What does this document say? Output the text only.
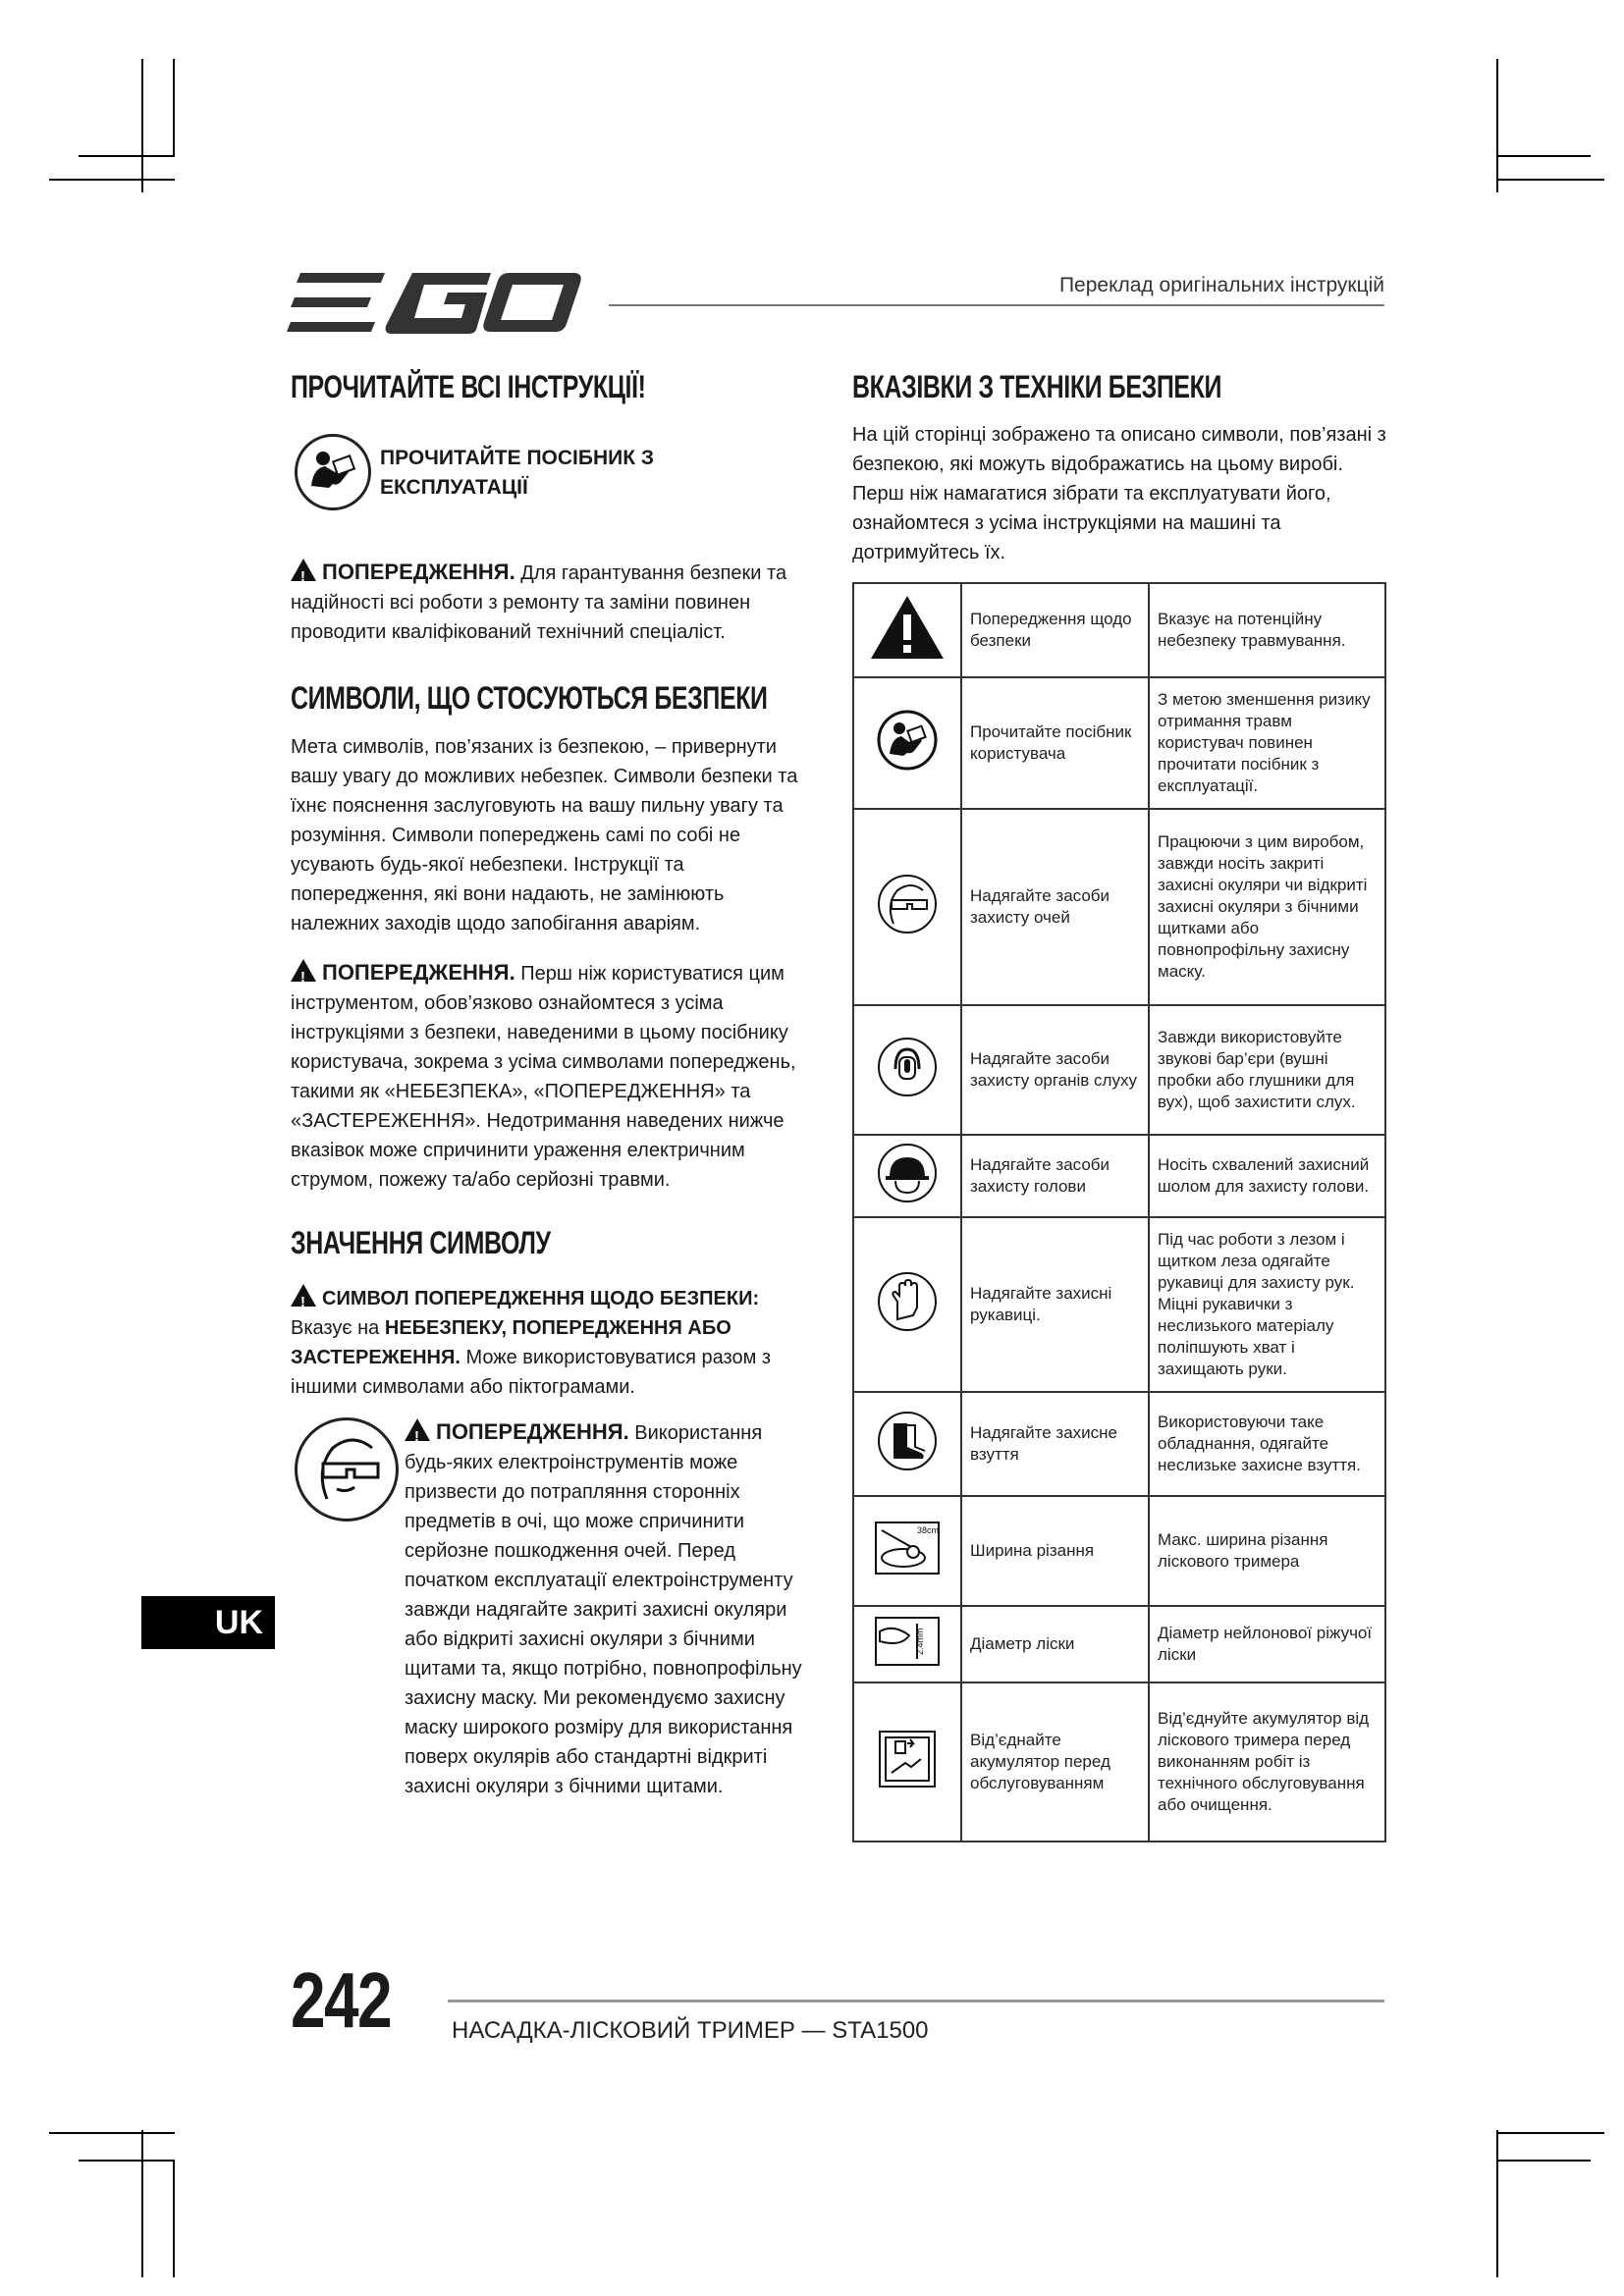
EGO
Переклад оригінальних інструкцій
ПРОЧИТАЙТЕ ВСІ ІНСТРУКЦІЇ!
ПРОЧИТАЙТЕ ПОСІБНИК З ЕКСПЛУАТАЦІЇ

!ПОПЕРЕДЖЕННЯ. Для гарантування безпеки та надійності всі роботи з ремонту та заміни повинен проводити кваліфікований технічний спеціаліст.

СИМВОЛИ, ЩО СТОСУЮТЬСЯ БЕЗПЕКИ

Мета символів, пов’язаних із безпекою, – привернути вашу увагу до можливих небезпек. Символи безпеки та їхнє пояснення заслуговують на вашу пильну увагу та розуміння. Символи попереджень самі по собі не усувають будь-якої небезпеки. Інструкції та попередження, які вони надають, не замінюють належних заходів щодо запобігання аваріям.

!ПОПЕРЕДЖЕННЯ. Перш ніж користуватися цим інструментом, обов’язково ознайомтеся з усіма інструкціями з безпеки, наведеними в цьому посібнику користувача, зокрема з усіма символами попереджень, такими як «НЕБЕЗПЕКА», «ПОПЕРЕДЖЕННЯ» та «ЗАСТЕРЕЖЕННЯ». Недотримання наведених нижче вказівок може спричинити ураження електричним струмом, пожежу та/або серйозні травми.

ЗНАЧЕННЯ СИМВОЛУ

!СИМВОЛ ПОПЕРЕДЖЕННЯ ЩОДО БЕЗПЕКИ:
Вказує на НЕБЕЗПЕКУ, ПОПЕРЕДЖЕННЯ АБО ЗАСТЕРЕЖЕННЯ. Може використовуватися разом з іншими символами або піктограмами.

!ПОПЕРЕДЖЕННЯ. Використання будь-яких електроінструментів може призвести до потрапляння сторонніх предметів в очі, що може спричинити серйозне пошкодження очей. Перед початком експлуатації електроінструменту завжди надягайте закриті захисні окуляри або відкриті захисні окуляри з бічними щитами та, якщо потрібно, повнопрофільну захисну маску. Ми рекомендуємо захисну маску широкого розміру для використання поверх окулярів або стандартні відкриті захисні окуляри з бічними щитами.

ВКАЗІВКИ З ТЕХНІКИ БЕЗПЕКИ

На цій сторінці зображено та описано символи, пов’язані з безпекою, які можуть відображатись на цьому виробі. Перш ніж намагатися зібрати та експлуатувати його, ознайомтеся з усіма інструкціями на машині та дотримуйтесь їх.

	Попередження щодо безпеки	Вказує на потенційну небезпеку травмування.
	Прочитайте посібник користувача	З метою зменшення ризику отримання травм користувач повинен прочитати посібник з експлуатації.
	Надягайте засоби захисту очей	Працюючи з цим виробом, завжди носіть закриті захисні окуляри чи відкриті захисні окуляри з бічними щитками або повнопрофільну захисну маску.
	Надягайте засоби захисту органів слуху	Завжди використовуйте звукові бар’єри (вушні пробки або глушники для вух), щоб захистити слух.
	Надягайте засоби захисту голови	Носіть схвалений захисний шолом для захисту голови.
	Надягайте захисні рукавиці.	Під час роботи з лезом і щитком леза одягайте рукавиці для захисту рук. Міцні рукавички з неслизького матеріалу поліпшують хват і захищають руки.
	Надягайте захисне взуття	Використовуючи таке обладнання, одягайте неслизьке захисне взуття.

38cm	Ширина різання	Макс. ширина різання лiскового тримера

2.4mm	Діаметр ліски	Діаметр нейлонової ріжучої ліски
	Від’єднайте акумулятор перед обслуговуванням	Від’єднуйте акумулятор від лiскового тримера перед виконанням робіт із технічного обслуговування або очищення.
UK
242	НАСАДКА-ЛІСКОВИЙ ТРИМЕР — STA1500
